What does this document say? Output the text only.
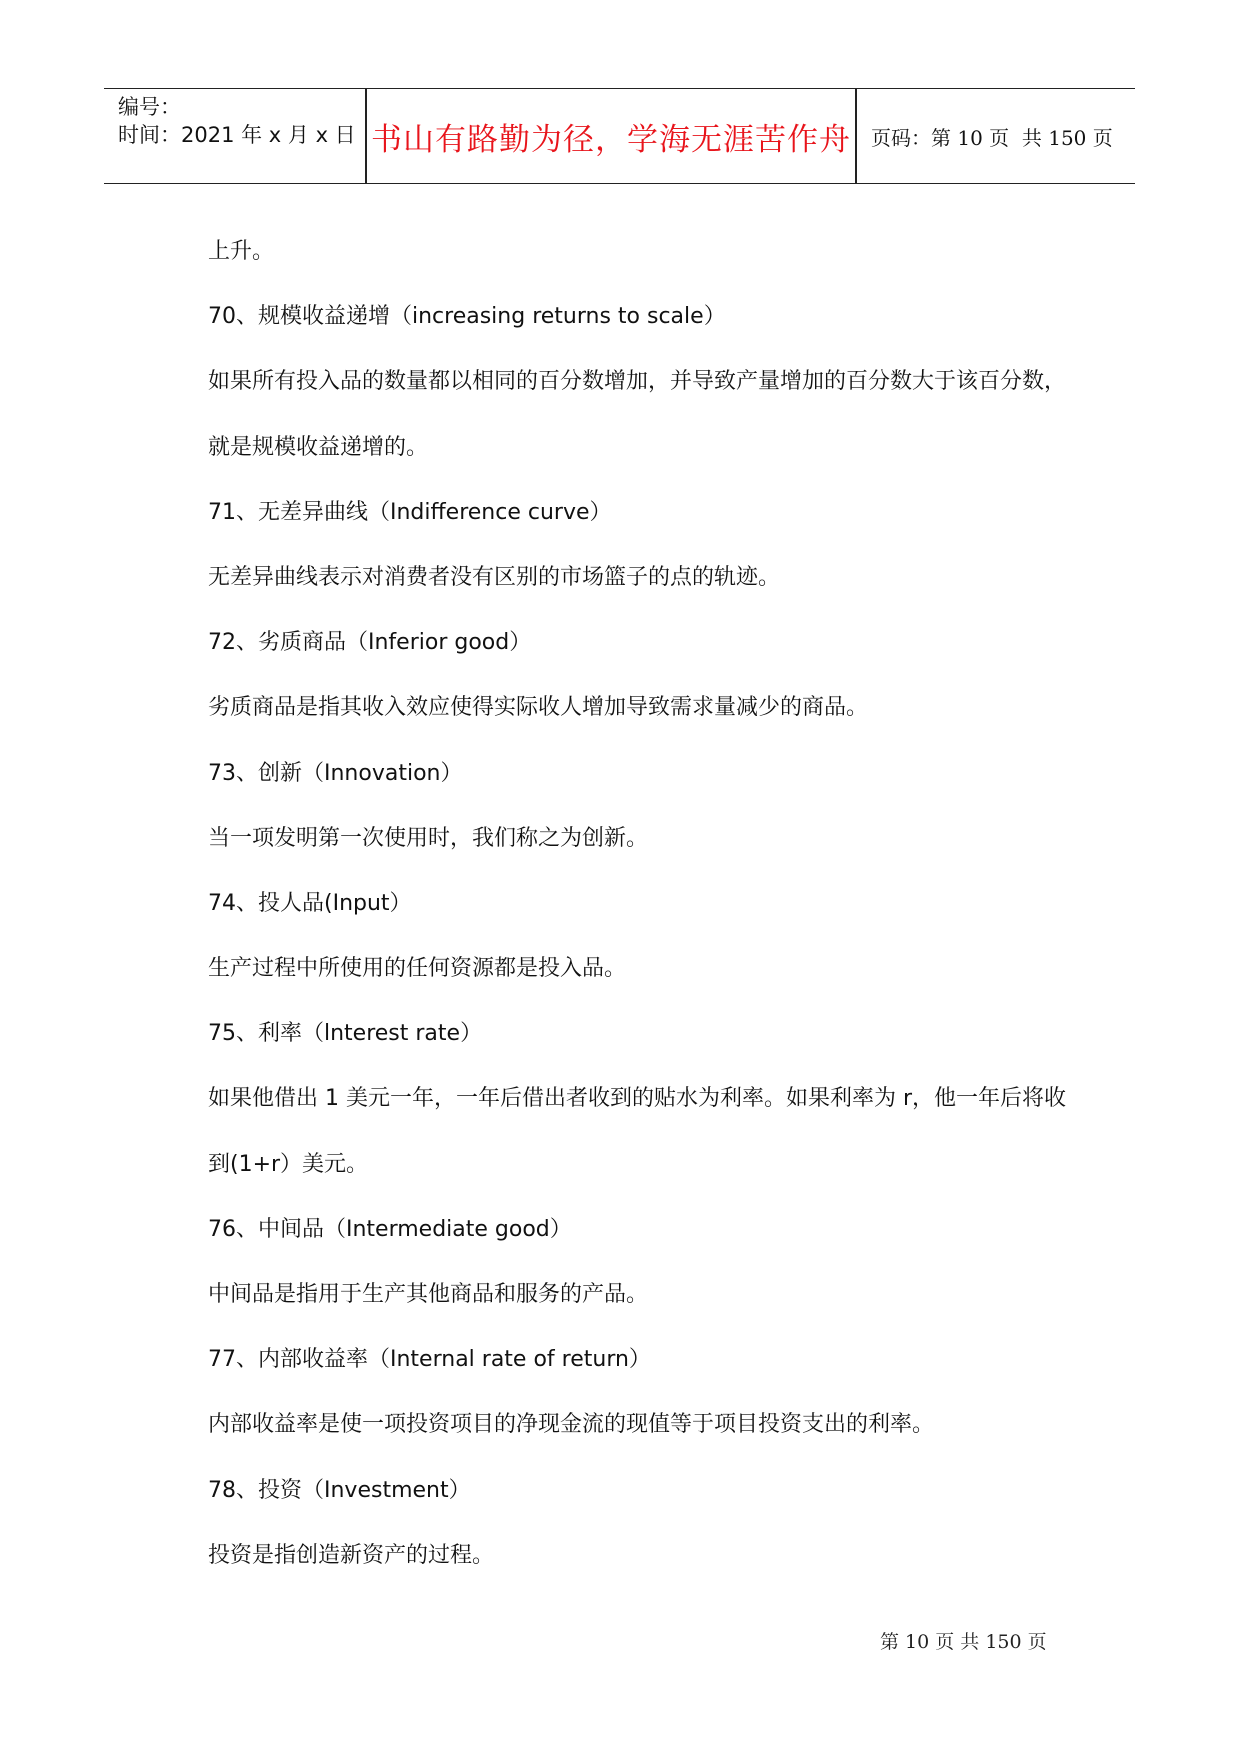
编号：
时间：2021 年 x 月 x 日 书山有路勤为径，学海无涯苦作舟 页码：第 10 页  共 150 页
上升。
70、规模收益递增（increasing returns to scale）
如果所有投入品的数量都以相同的百分数增加，并导致产量增加的百分数大于该百分数，
就是规模收益递增的。
71、无差异曲线（Indifference curve）
无差异曲线表示对消费者没有区别的市场篮子的点的轨迹。
72、劣质商品（Inferior good）
劣质商品是指其收入效应使得实际收人增加导致需求量减少的商品。
73、创新（Innovation）
当一项发明第一次使用时，我们称之为创新。
74、投人品(Input）
生产过程中所使用的任何资源都是投入品。
75、利率（lnterest rate）
如果他借出 1 美元一年，一年后借出者收到的贴水为利率。如果利率为 r，他一年后将收
到(1+r）美元。
76、中间品（Intermediate good）
中间品是指用于生产其他商品和服务的产品。
77、内部收益率（Internal rate of return）
内部收益率是使一项投资项目的净现金流的现值等于项目投资支出的利率。
78、投资（Investment）
投资是指创造新资产的过程。
第 10 页 共 150 页
